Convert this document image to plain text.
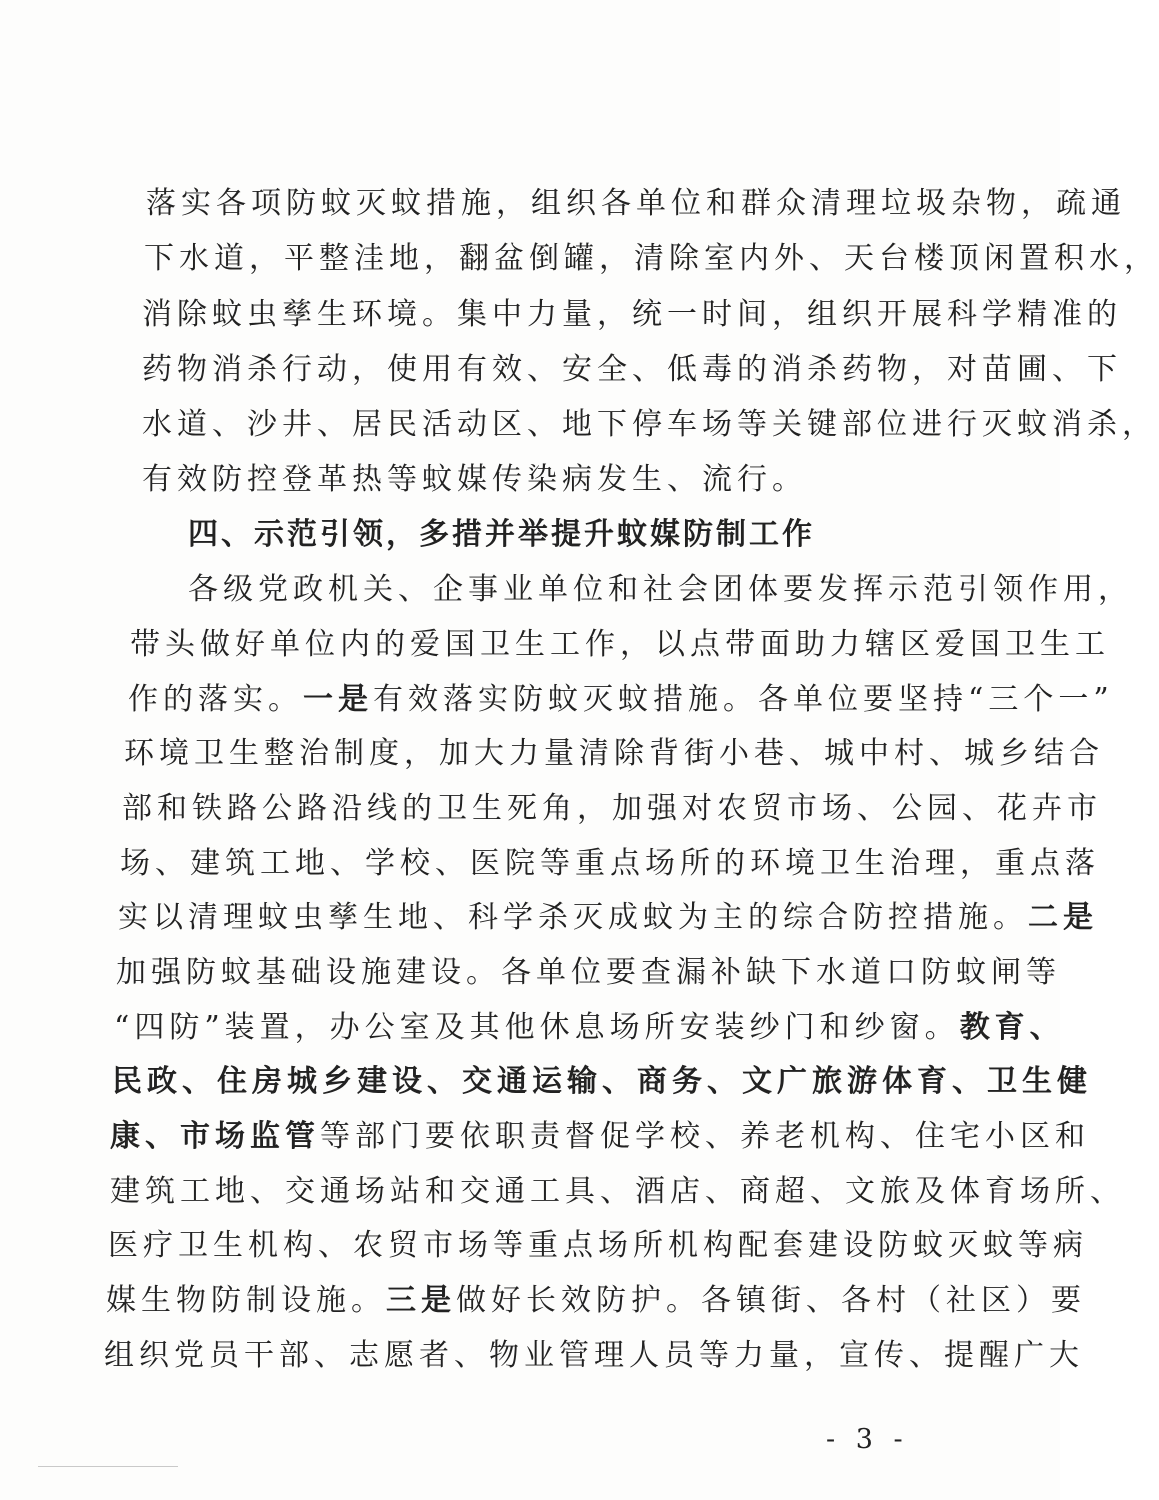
落实各项防蚊灭蚊措施，组织各单位和群众清理垃圾杂物，疏通
下水道，平整洼地，翻盆倒罐，清除室内外、天台楼顶闲置积水，
消除蚊虫孳生环境。集中力量，统一时间，组织开展科学精准的
药物消杀行动，使用有效、安全、低毒的消杀药物，对苗圃、下
水道、沙井、居民活动区、地下停车场等关键部位进行灭蚊消杀，
有效防控登革热等蚊媒传染病发生、流行。
四、示范引领，多措并举提升蚊媒防制工作
各级党政机关、企事业单位和社会团体要发挥示范引领作用，
带头做好单位内的爱国卫生工作，以点带面助力辖区爱国卫生工
作的落实。一是有效落实防蚊灭蚊措施。各单位要坚持“三个一”
环境卫生整治制度，加大力量清除背街小巷、城中村、城乡结合
部和铁路公路沿线的卫生死角，加强对农贸市场、公园、花卉市
场、建筑工地、学校、医院等重点场所的环境卫生治理，重点落
实以清理蚊虫孳生地、科学杀灭成蚊为主的综合防控措施。二是
加强防蚊基础设施建设。各单位要查漏补缺下水道口防蚊闸等
“四防”装置，办公室及其他休息场所安装纱门和纱窗。教育、
民政、住房城乡建设、交通运输、商务、文广旅游体育、卫生健
康、市场监管等部门要依职责督促学校、养老机构、住宅小区和
建筑工地、交通场站和交通工具、酒店、商超、文旅及体育场所、
医疗卫生机构、农贸市场等重点场所机构配套建设防蚊灭蚊等病
媒生物防制设施。三是做好长效防护。各镇街、各村（社区）要
组织党员干部、志愿者、物业管理人员等力量，宣传、提醒广大
- 3 -
